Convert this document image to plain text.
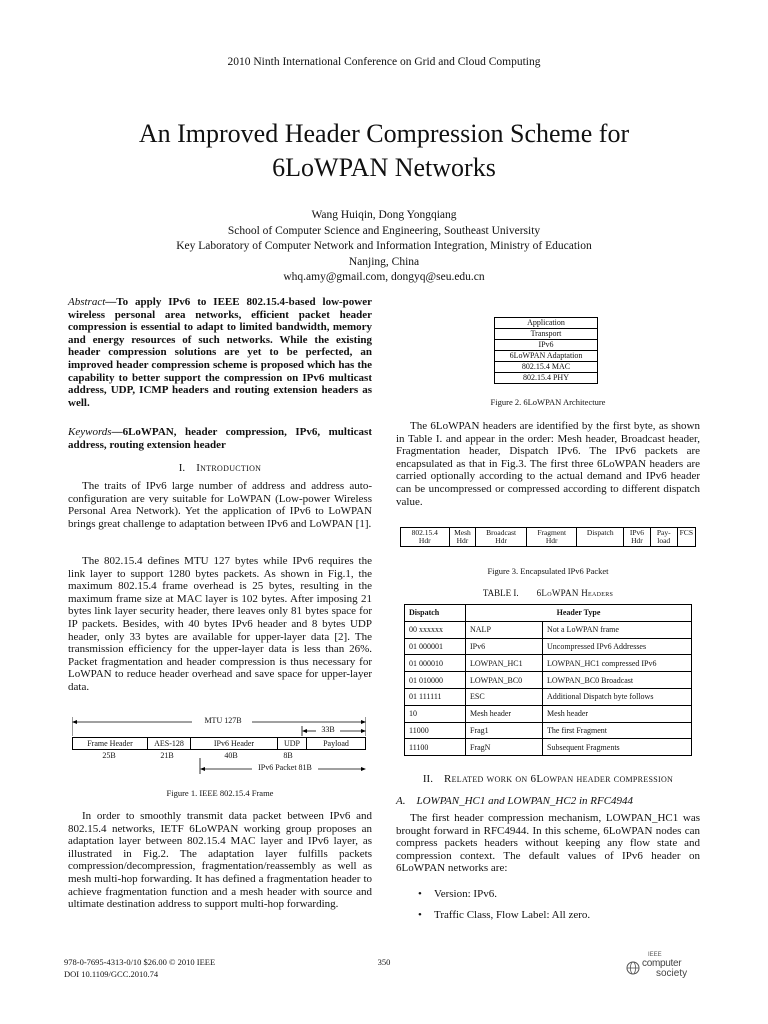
2010 Ninth International Conference on Grid and Cloud Computing
An Improved Header Compression Scheme for
6LoWPAN Networks
Wang Huiqin, Dong Yongqiang
School of Computer Science and Engineering, Southeast University
Key Laboratory of Computer Network and Information Integration, Ministry of Education
Nanjing, China
whq.amy@gmail.com, dongyq@seu.edu.cn
Abstract—To apply IPv6 to IEEE 802.15.4-based low-power wireless personal area networks, efficient packet header compression is essential to adapt to limited bandwidth, memory and energy resources of such networks. While the existing header compression solutions are yet to be perfected, an improved header compression scheme is proposed which has the capability to better support the compression on IPv6 multicast address, UDP, ICMP headers and routing extension headers as well.
Keywords—6LoWPAN, header compression, IPv6, multicast address, routing extension header
I. Introduction

The traits of IPv6 large number of address and address auto-configuration are very suitable for LoWPAN (Low-power Wireless Personal Area Network). Yet the application of IPv6 to LoWPAN brings great challenge to adaptation between IPv6 and LoWPAN [1].

The 802.15.4 defines MTU 127 bytes while IPv6 requires the link layer to support 1280 bytes packets. As shown in Fig.1, the maximum 802.15.4 frame overhead is 25 bytes, resulting in the maximum frame size at MAC layer is 102 bytes. After imposing 21 bytes link layer security header, there leaves only 81 bytes space for IP packets. Besides, with 40 bytes IPv6 header and 8 bytes UDP header, only 33 bytes are available for upper-layer data [2]. The transmission efficiency for the upper-layer data is less than 26%. Packet fragmentation and header compression is thus necessary for LoWPAN to reduce header overhead and save space for upper-layer data.

MTU 127B
33B
Frame Header	AES-128	IPv6 Header	UDP	Payload
25B	21B	40B	8B
IPv6 Packet 81B
Figure 1. IEEE 802.15.4 Frame

In order to smoothly transmit data packet between IPv6 and 802.15.4 networks, IETF 6LoWPAN working group proposes an adaptation layer between 802.15.4 MAC layer and IPv6 layer, as illustrated in Fig.2. The adaptation layer fulfills packets compression/decompression, fragmentation/reassembly as well as mesh multi-hop forwarding. It has defined a fragmentation header to achieve fragmentation function and a mesh header with source and ultimate destination address to support multi-hop forwarding.

Application
Transport
IPv6
6LoWPAN Adaptation
802.15.4 MAC
802.15.4 PHY
Figure 2. 6LoWPAN Architecture

The 6LoWPAN headers are identified by the first byte, as shown in Table I. and appear in the order: Mesh header, Broadcast header, Fragmentation header, Dispatch IPv6. The IPv6 packets are encapsulated as that in Fig.3. The first three 6LoWPAN headers are carried optionally according to the actual demand and IPv6 header can be uncompressed or compressed according to different dispatch value.

802.15.4
Hdr

Mesh
Hdr

Broadcast
Hdr

Fragment
Hdr

Dispatch	IPv6
Hdr

Pay-
load

FCS
Figure 3. Encapsulated IPv6 Packet
TABLE I. 6LoWPAN Headers
Dispatch	Header Type	
00 xxxxxx	NALP	Not a LoWPAN frame
01 000001	IPv6	Uncompressed IPv6 Addresses
01 000010	LOWPAN_HC1	LOWPAN_HC1 compressed IPv6
01 010000	LOWPAN_BC0	LOWPAN_BC0 Broadcast
01 111111	ESC	Additional Dispatch byte follows
10	Mesh header	Mesh header
11000	Frag1	The first Fragment
11100	FragN	Subsequent Fragments
II. Related work on 6Lowpan header compression
A. LOWPAN_HC1 and LOWPAN_HC2 in RFC4944

The first header compression mechanism, LOWPAN_HC1 was brought forward in RFC4944. In this scheme, 6LoWPAN nodes can compress packets headers without keeping any flow state and compression context. The default values of IPv6 header on 6LoWPAN networks are:

• Version: IPv6.
• Traffic Class, Flow Label: All zero.
978-0-7695-4313-0/10 $26.00 © 2010 IEEE
DOI 10.1109/GCC.2010.74
350
IEEE
computer
society
